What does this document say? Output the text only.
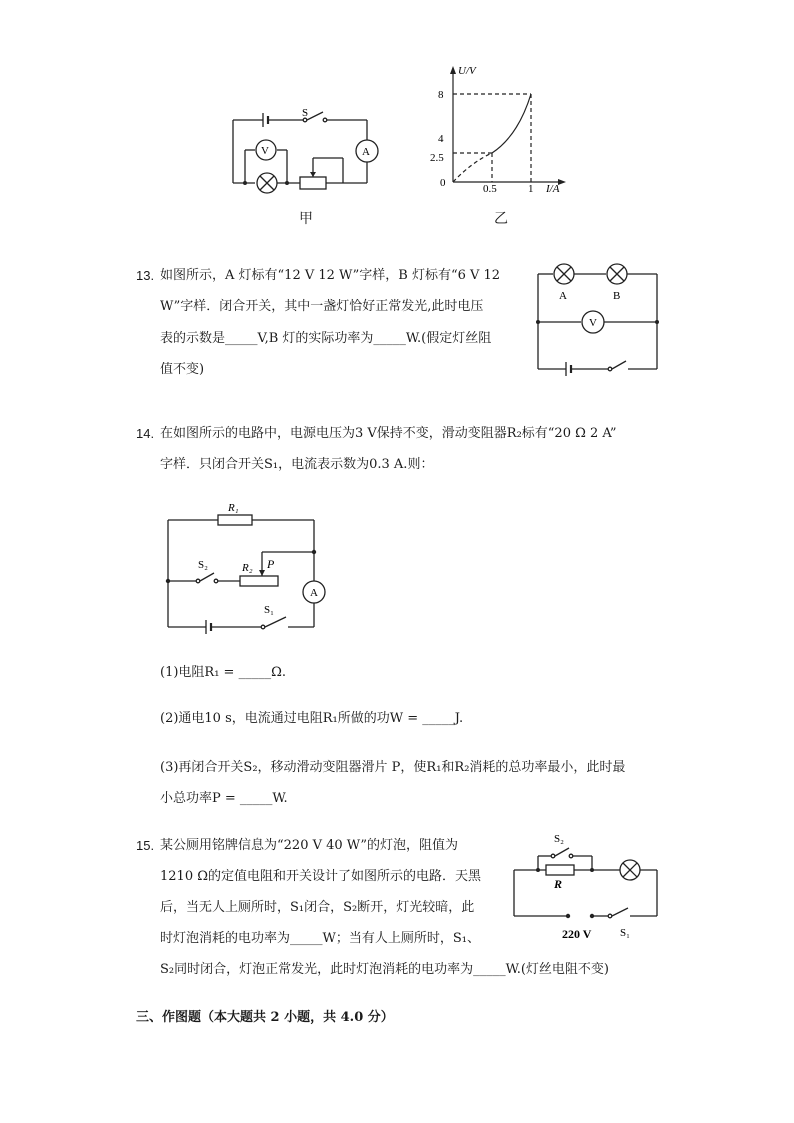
S
V	A
甲
8
4
2.5
0	0.5	1
U/V
I/A
乙
13. 如图所示，A 灯标有“12 V 12 W”字样，B 灯标有“6 V 12
W”字样．闭合开关，其中一盏灯恰好正常发光,此时电压
表的示数是_____V,B 灯的实际功率为_____W.(假定灯丝阻
值不变)
A	B
V
14. 在如图所示的电路中，电源电压为3 V保持不变，滑动变阻器R₂标有“20 Ω 2 A”
字样．只闭合开关S₁，电流表示数为0.3 A.则：
R₁
S₂	R₂ P
S₁
A
(1)电阻R₁ = _____Ω.
(2)通电10 s，电流通过电阻R₁所做的功W = _____J.
(3)再闭合开关S₂，移动滑动变阻器滑片 P，使R₁和R₂消耗的总功率最小，此时最
小总功率P = _____W.
15. 某公厕用铭牌信息为“220 V 40 W”的灯泡，阻值为
1210 Ω的定值电阻和开关设计了如图所示的电路．天黑
后，当无人上厕所时，S₁闭合，S₂断开，灯光较暗，此
时灯泡消耗的电功率为_____W；当有人上厕所时，S₁、
S₂同时闭合，灯泡正常发光，此时灯泡消耗的电功率为_____W.(灯丝电阻不变)
S₂
R
220 V	S₁
三、作图题（本大题共 2 小题，共 4.0 分）
